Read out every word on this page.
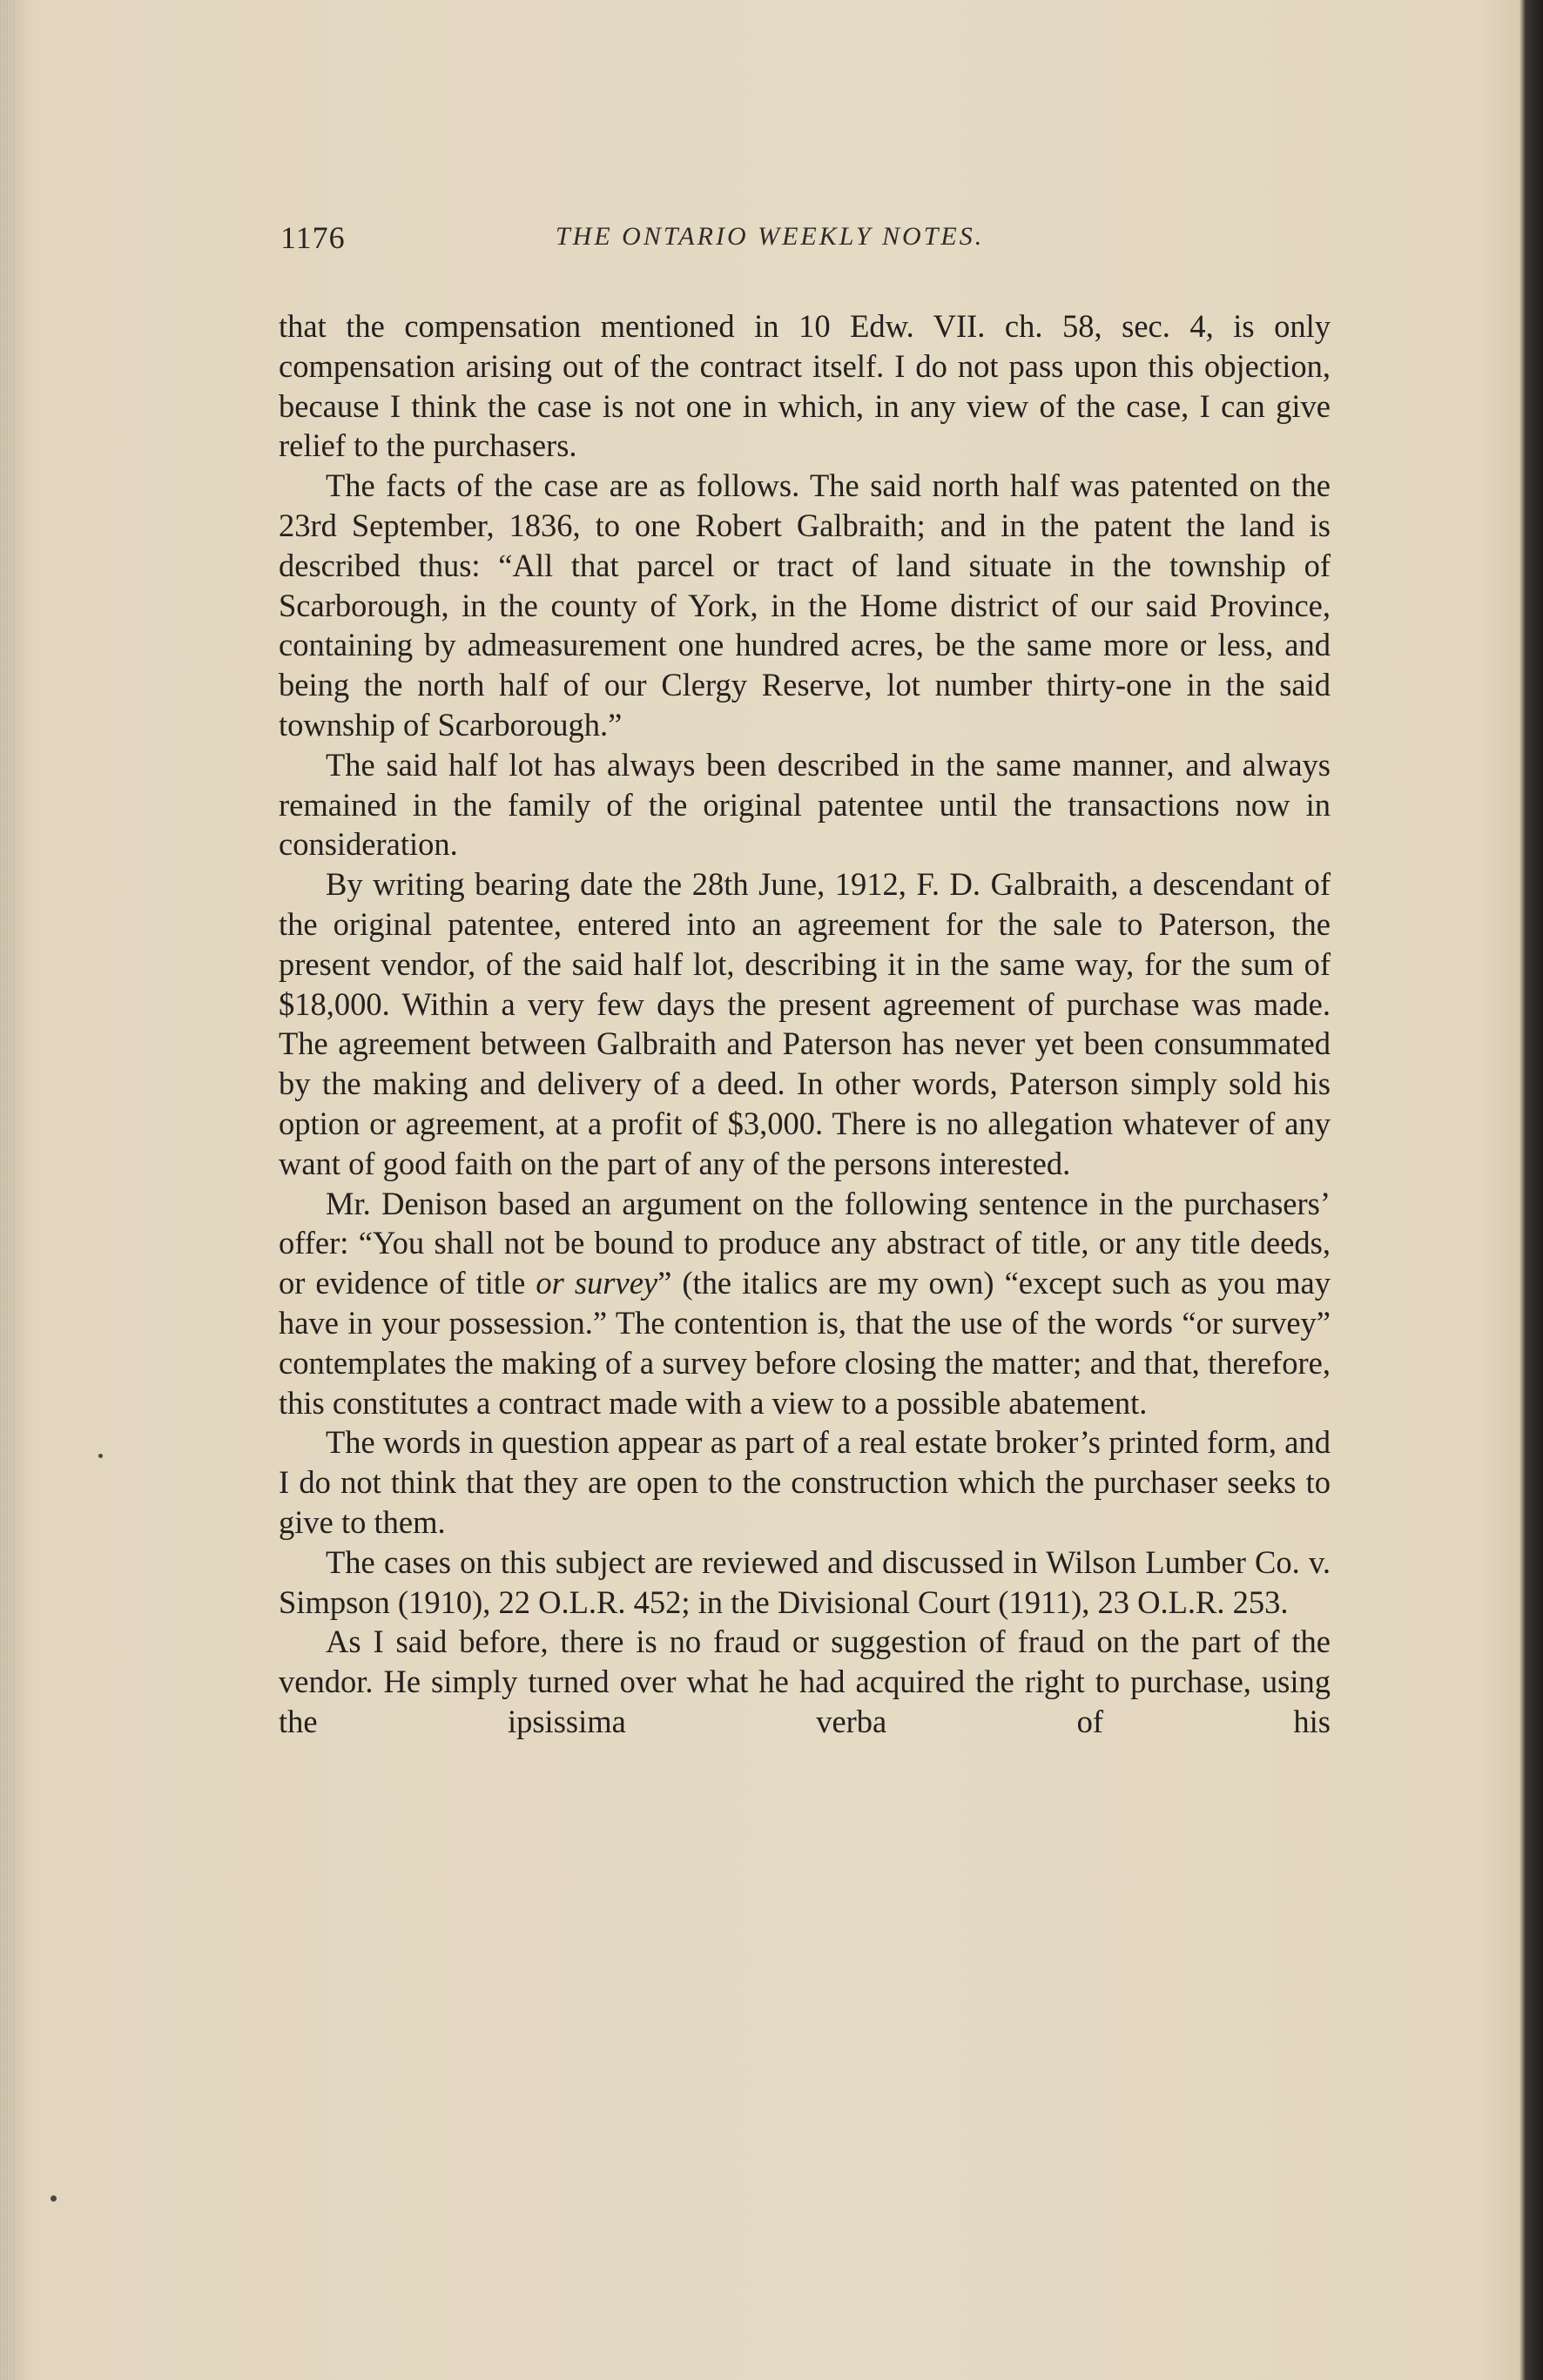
1176	THE ONTARIO WEEKLY NOTES.

that the compensation mentioned in 10 Edw. VII. ch. 58, sec. 4, is only compensation arising out of the contract itself. I do not pass upon this objection, because I think the case is not one in which, in any view of the case, I can give relief to the purchasers.

The facts of the case are as follows. The said north half was patented on the 23rd September, 1836, to one Robert Galbraith; and in the patent the land is described thus: “All that parcel or tract of land situate in the township of Scarborough, in the county of York, in the Home district of our said Province, containing by admeasurement one hundred acres, be the same more or less, and being the north half of our Clergy Reserve, lot number thirty-one in the said township of Scarborough.”

The said half lot has always been described in the same manner, and always remained in the family of the original patentee until the transactions now in consideration.

By writing bearing date the 28th June, 1912, F. D. Galbraith, a descendant of the original patentee, entered into an agreement for the sale to Paterson, the present vendor, of the said half lot, describing it in the same way, for the sum of $18,000. Within a very few days the present agreement of purchase was made. The agreement between Galbraith and Paterson has never yet been consummated by the making and delivery of a deed. In other words, Paterson simply sold his option or agreement, at a profit of $3,000. There is no allegation whatever of any want of good faith on the part of any of the persons interested.

Mr. Denison based an argument on the following sentence in the purchasers’ offer: “You shall not be bound to produce any abstract of title, or any title deeds, or evidence of title or survey” (the italics are my own) “except such as you may have in your possession.” The contention is, that the use of the words “or survey” contemplates the making of a survey before closing the matter; and that, therefore, this constitutes a contract made with a view to a possible abatement.

The words in question appear as part of a real estate broker’s printed form, and I do not think that they are open to the construction which the purchaser seeks to give to them.

The cases on this subject are reviewed and discussed in Wilson Lumber Co. v. Simpson (1910), 22 O.L.R. 452; in the Divisional Court (1911), 23 O.L.R. 253.

As I said before, there is no fraud or suggestion of fraud on the part of the vendor. He simply turned over what he had acquired the right to purchase, using the ipsissima verba of his
